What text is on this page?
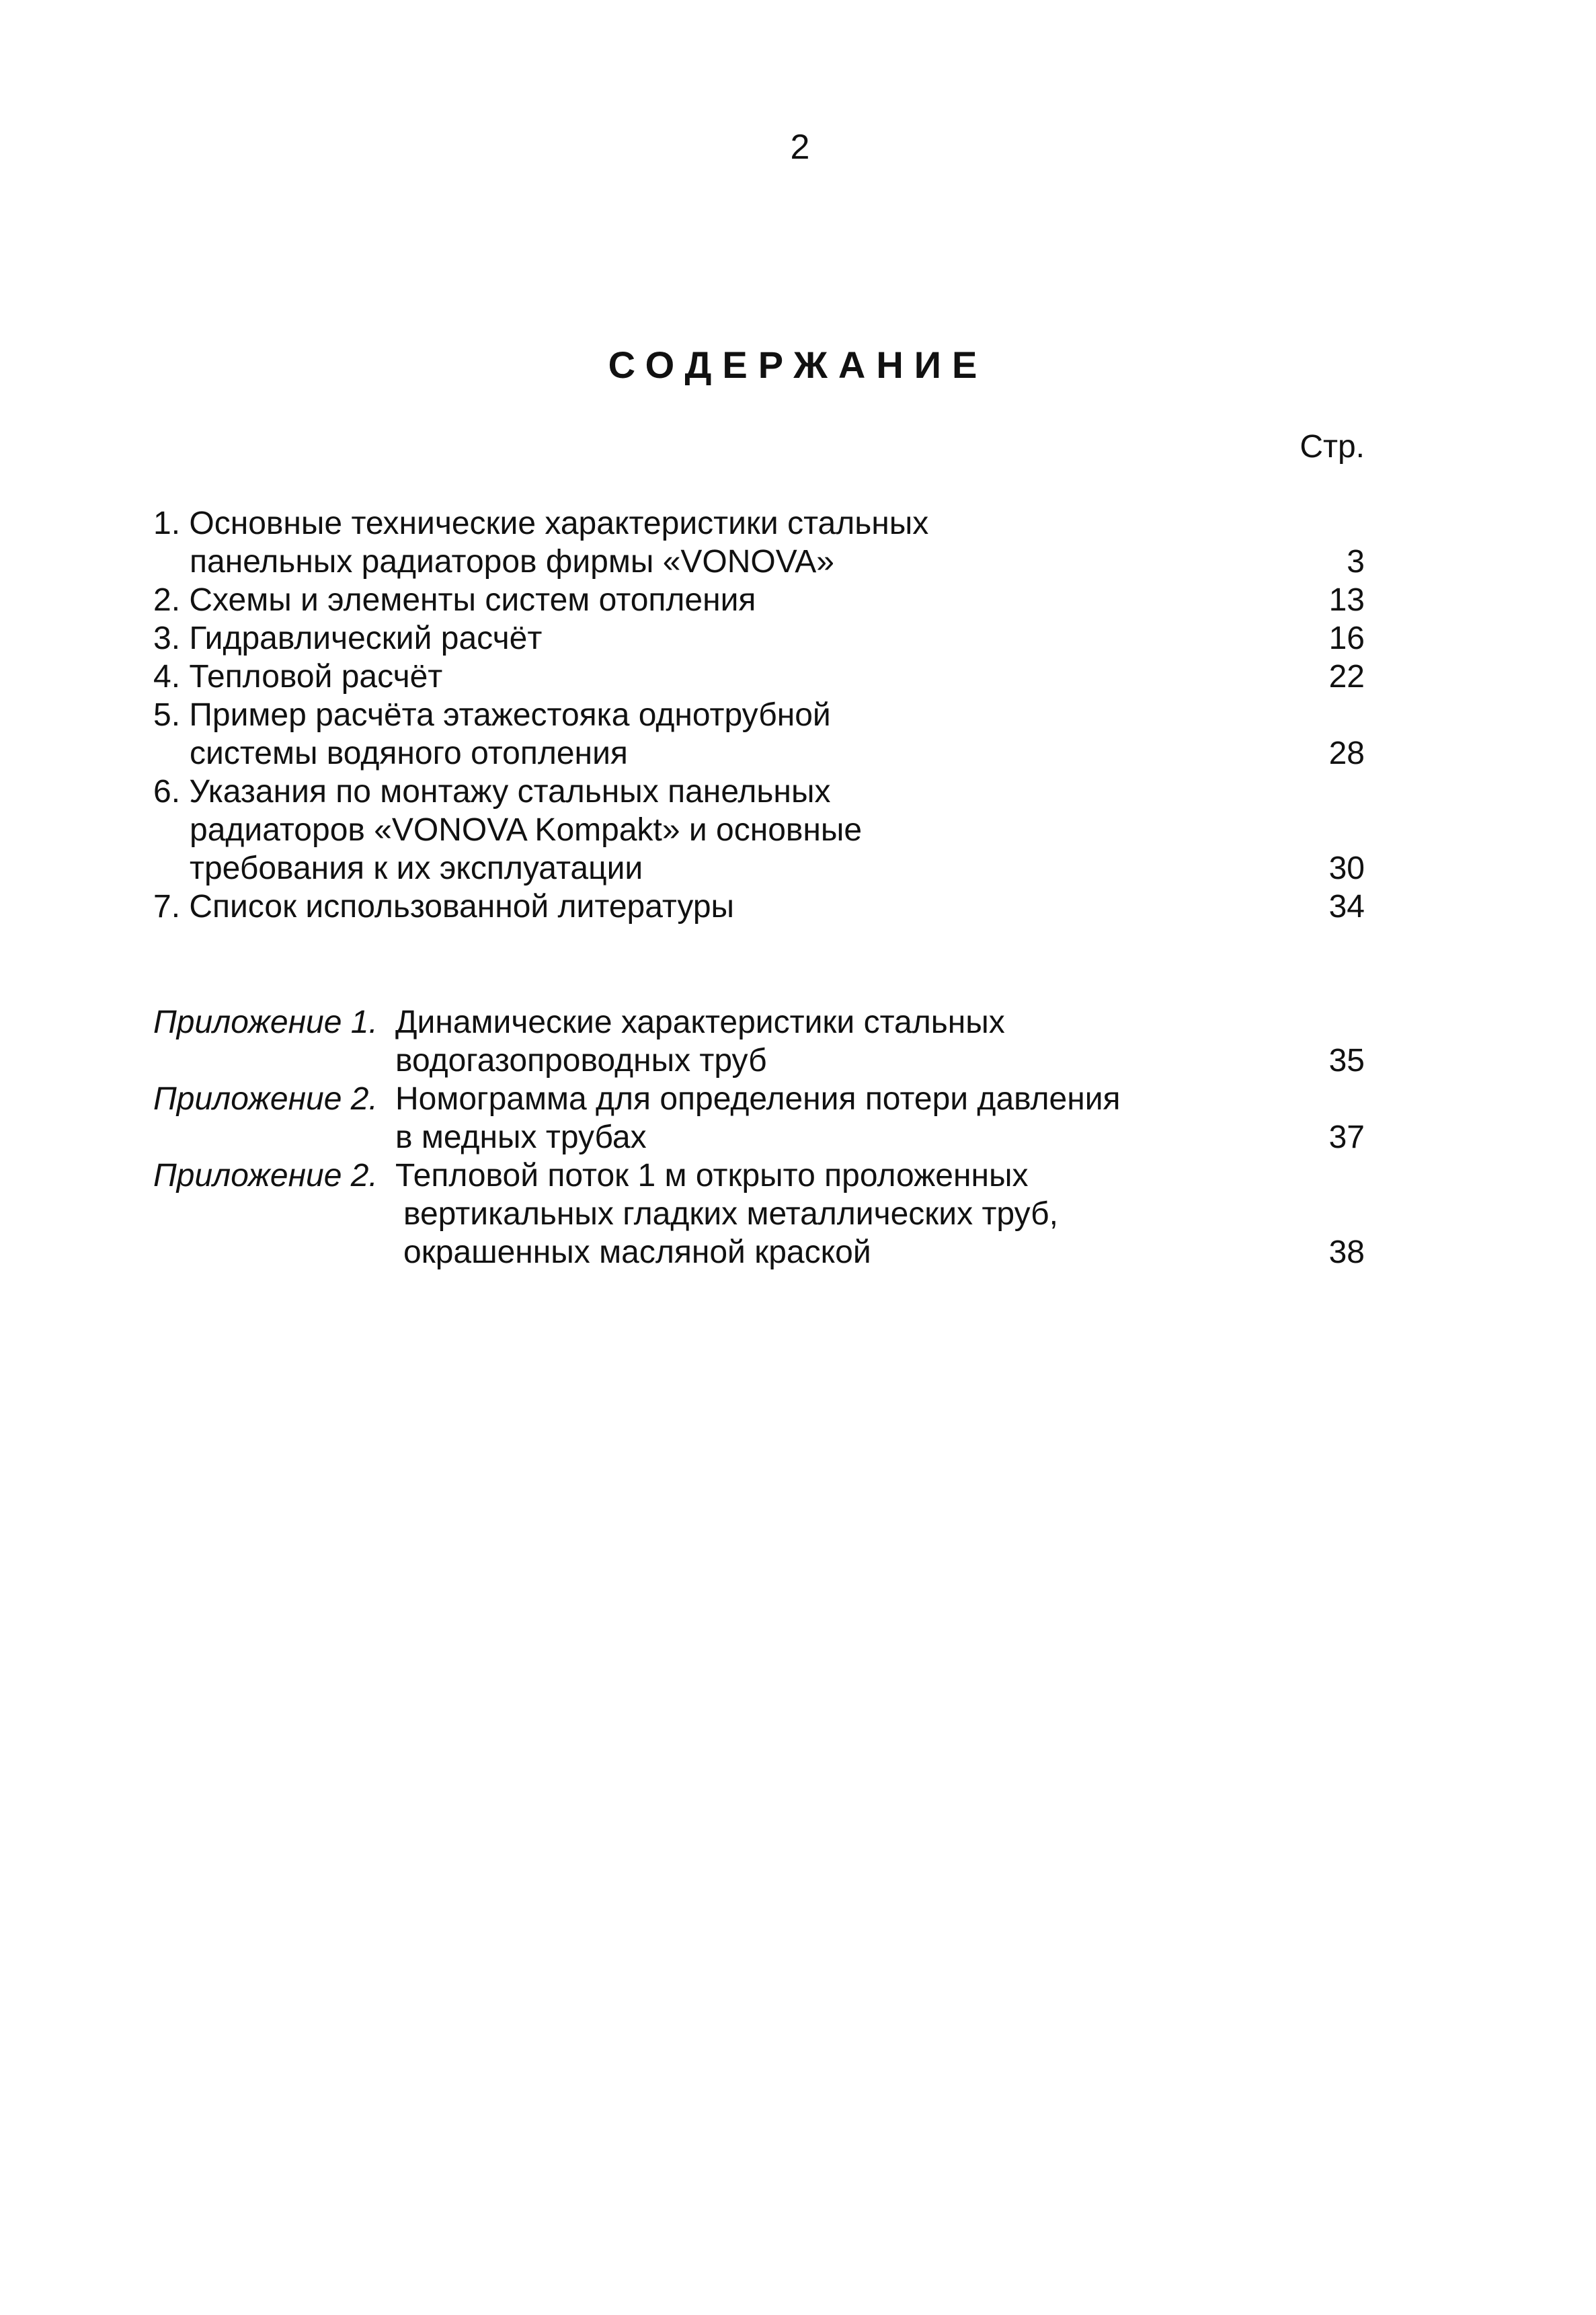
2
СОДЕРЖАНИЕ
Стр.
1. Основные технические характеристики стальных
панельных радиаторов фирмы «VONOVA»	3
2. Схемы и элементы систем отопления	13
3. Гидравлический расчёт	16
4. Тепловой расчёт	22
5. Пример расчёта этажестояка однотрубной
системы водяного отопления	28
6. Указания по монтажу стальных панельных
радиаторов «VONOVA Kompakt» и основные
требования к их эксплуатации	30
7. Список использованной литературы	34
Приложение 1. Динамические характеристики стальных
водогазопроводных труб	35
Приложение 2. Номограмма для определения потери давления
в медных трубах	37
Приложение 2. Тепловой поток 1 м открыто проложенных
вертикальных гладких металлических труб,
окрашенных масляной краской	38
